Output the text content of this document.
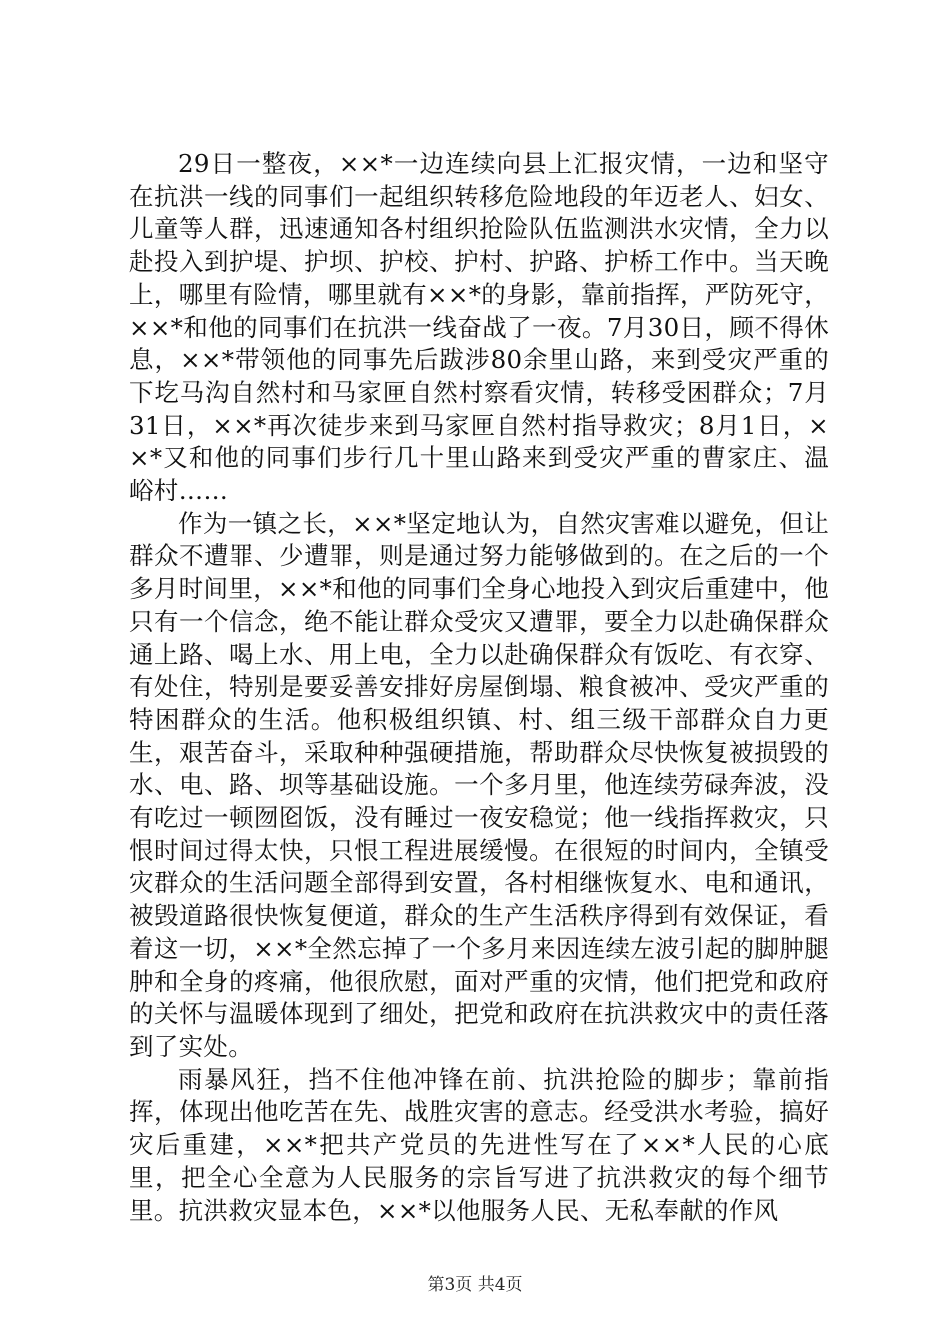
29日一整夜，××*一边连续向县上汇报灾情，一边和坚守在抗洪一线的同事们一起组织转移危险地段的年迈老人、妇女、儿童等人群，迅速通知各村组织抢险队伍监测洪水灾情，全力以赴投入到护堤、护坝、护校、护村、护路、护桥工作中。当天晚上，哪里有险情，哪里就有××*的身影，靠前指挥，严防死守，××*和他的同事们在抗洪一线奋战了一夜。7月30日，顾不得休息，××*带领他的同事先后跋涉80余里山路，来到受灾严重的下圪马沟自然村和马家匣自然村察看灾情，转移受困群众；7月31日，××*再次徒步来到马家匣自然村指导救灾；8月1日，××*又和他的同事们步行几十里山路来到受灾严重的曹家庄、温峪村……

作为一镇之长，××*坚定地认为，自然灾害难以避免，但让群众不遭罪、少遭罪，则是通过努力能够做到的。在之后的一个多月时间里，××*和他的同事们全身心地投入到灾后重建中，他只有一个信念，绝不能让群众受灾又遭罪，要全力以赴确保群众通上路、喝上水、用上电，全力以赴确保群众有饭吃、有衣穿、有处住，特别是要妥善安排好房屋倒塌、粮食被冲、受灾严重的特困群众的生活。他积极组织镇、村、组三级干部群众自力更生，艰苦奋斗，采取种种强硬措施，帮助群众尽快恢复被损毁的水、电、路、坝等基础设施。一个多月里，他连续劳碌奔波，没有吃过一顿囫囵饭，没有睡过一夜安稳觉；他一线指挥救灾，只恨时间过得太快，只恨工程进展缓慢。在很短的时间内，全镇受灾群众的生活问题全部得到安置，各村相继恢复水、电和通讯，被毁道路很快恢复便道，群众的生产生活秩序得到有效保证，看着这一切，××*全然忘掉了一个多月来因连续左波引起的脚肿腿肿和全身的疼痛，他很欣慰，面对严重的灾情，他们把党和政府的关怀与温暖体现到了细处，把党和政府在抗洪救灾中的责任落到了实处。

雨暴风狂，挡不住他冲锋在前、抗洪抢险的脚步；靠前指挥，体现出他吃苦在先、战胜灾害的意志。经受洪水考验，搞好灾后重建，××*把共产党员的先进性写在了××*人民的心底里，把全心全意为人民服务的宗旨写进了抗洪救灾的每个细节里。抗洪救灾显本色，××*以他服务人民、无私奉献的作风

第3页 共4页
